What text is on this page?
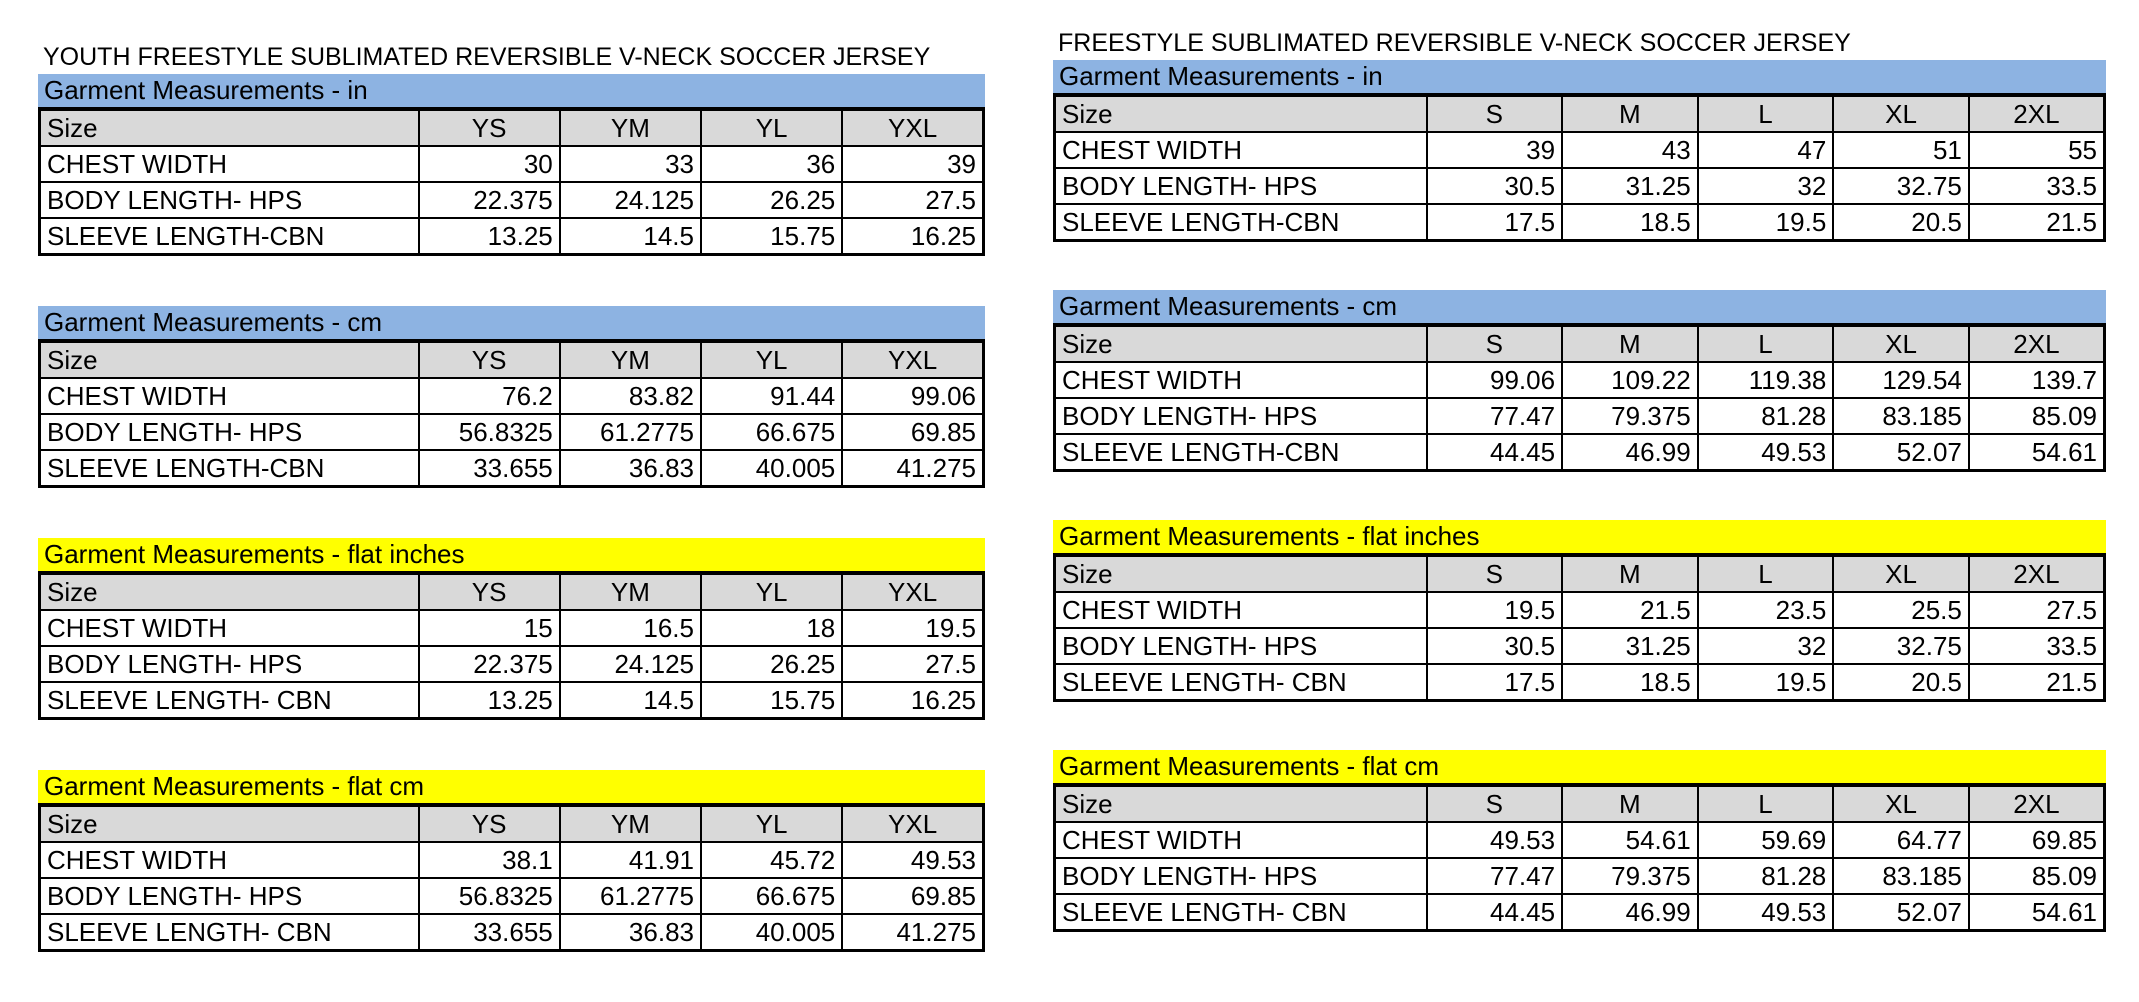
YOUTH FREESTYLE SUBLIMATED REVERSIBLE V-NECK SOCCER JERSEY
Garment Measurements - in
Size	YS	YM	YL	YXL
CHEST WIDTH	30	33	36	39
BODY LENGTH- HPS	22.375	24.125	26.25	27.5
SLEEVE LENGTH-CBN	13.25	14.5	15.75	16.25
Garment Measurements - cm
Size	YS	YM	YL	YXL
CHEST WIDTH	76.2	83.82	91.44	99.06
BODY LENGTH- HPS	56.8325	61.2775	66.675	69.85
SLEEVE LENGTH-CBN	33.655	36.83	40.005	41.275
Garment Measurements - flat inches
Size	YS	YM	YL	YXL
CHEST WIDTH	15	16.5	18	19.5
BODY LENGTH- HPS	22.375	24.125	26.25	27.5
SLEEVE LENGTH- CBN	13.25	14.5	15.75	16.25
Garment Measurements - flat cm
Size	YS	YM	YL	YXL
CHEST WIDTH	38.1	41.91	45.72	49.53
BODY LENGTH- HPS	56.8325	61.2775	66.675	69.85
SLEEVE LENGTH- CBN	33.655	36.83	40.005	41.275
FREESTYLE SUBLIMATED REVERSIBLE V-NECK SOCCER JERSEY
Garment Measurements - in
Size	S	M	L	XL	2XL
CHEST WIDTH	39	43	47	51	55
BODY LENGTH- HPS	30.5	31.25	32	32.75	33.5
SLEEVE LENGTH-CBN	17.5	18.5	19.5	20.5	21.5
Garment Measurements - cm
Size	S	M	L	XL	2XL
CHEST WIDTH	99.06	109.22	119.38	129.54	139.7
BODY LENGTH- HPS	77.47	79.375	81.28	83.185	85.09
SLEEVE LENGTH-CBN	44.45	46.99	49.53	52.07	54.61
Garment Measurements - flat inches
Size	S	M	L	XL	2XL
CHEST WIDTH	19.5	21.5	23.5	25.5	27.5
BODY LENGTH- HPS	30.5	31.25	32	32.75	33.5
SLEEVE LENGTH- CBN	17.5	18.5	19.5	20.5	21.5
Garment Measurements - flat cm
Size	S	M	L	XL	2XL
CHEST WIDTH	49.53	54.61	59.69	64.77	69.85
BODY LENGTH- HPS	77.47	79.375	81.28	83.185	85.09
SLEEVE LENGTH- CBN	44.45	46.99	49.53	52.07	54.61
